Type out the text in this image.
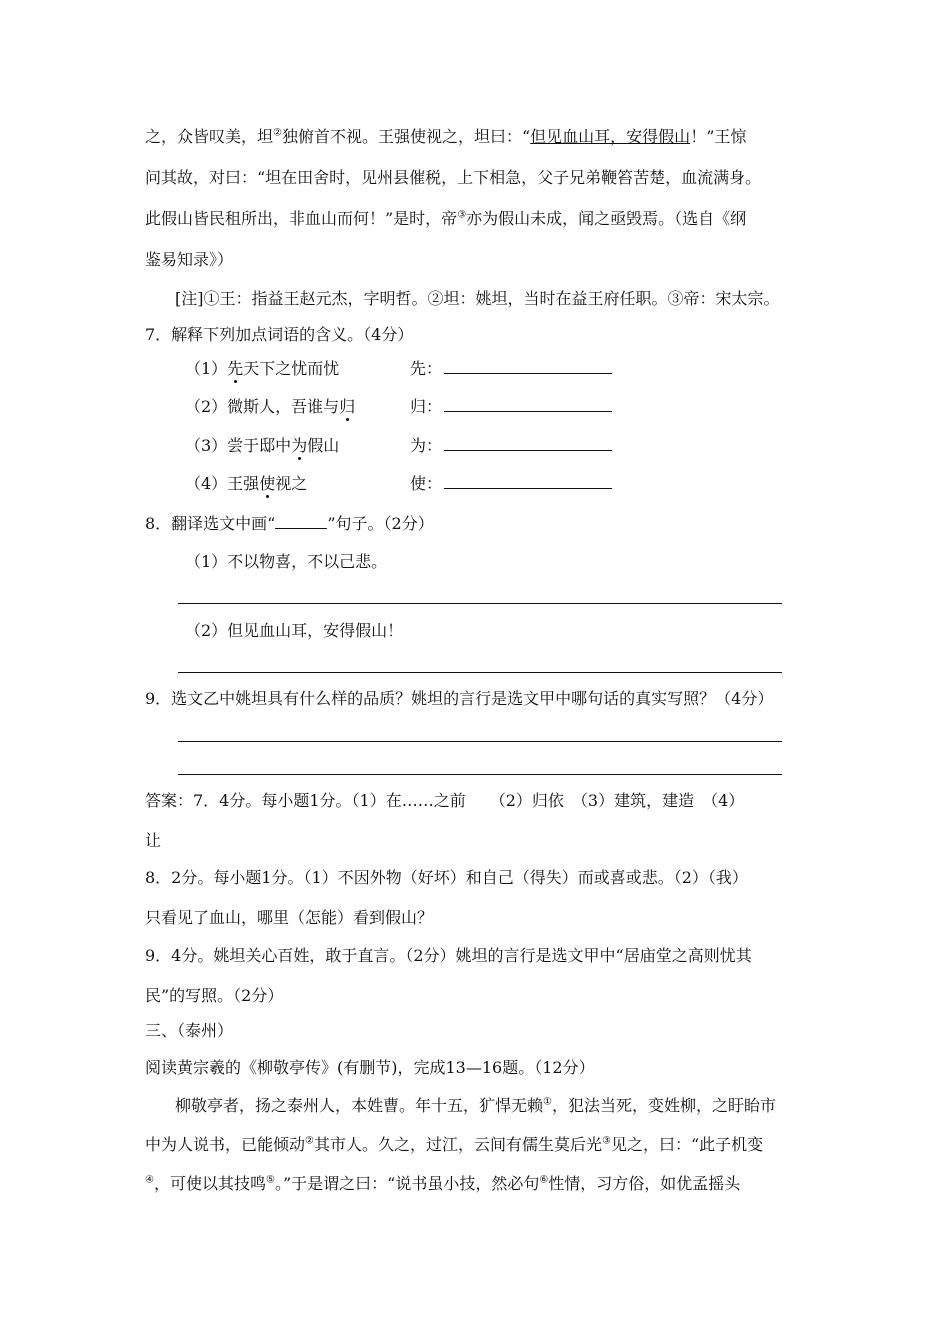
之，众皆叹美，坦②独俯首不视。王强使视之，坦曰：“但见血山耳，安得假山！”王惊
问其故，对曰：“坦在田舍时，见州县催税，上下相急，父子兄弟鞭笞苦楚，血流满身。
此假山皆民租所出，非血山而何！”是时，帝③亦为假山未成，闻之亟毁焉。（选自《纲
鉴易知录》）
[注]①王：指益王赵元杰，字明哲。②坦：姚坦，当时在益王府任职。③帝：宋太宗。
7．解释下列加点词语的含义。（4分）
（1）先天下之忧而忧	先：
（2）微斯人，吾谁与归	归：
（3）尝于邸中为假山	为：
（4）王强使视之	使：
8．翻译选文中画“	”句子。（2分）
（1）不以物喜，不以己悲。
（2）但见血山耳，安得假山！
9．选文乙中姚坦具有什么样的品质？姚坦的言行是选文甲中哪句话的真实写照？（4分）
答案：7．4分。每小题1分。（1）在……之前　　（2）归依　（3）建筑，建造　（4）
让
8．2分。每小题1分。（1）不因外物（好坏）和自己（得失）而或喜或悲。（2）（我）
只看见了血山，哪里（怎能）看到假山？
9．4分。姚坦关心百姓，敢于直言。（2分）姚坦的言行是选文甲中“居庙堂之高则忧其
民”的写照。（2分）
三、（泰州）
阅读黄宗羲的《柳敬亭传》(有删节)，完成13—16题。（12分）
柳敬亭者，扬之泰州人，本姓曹。年十五，犷悍无赖①，犯法当死，变姓柳，之盱眙市
中为人说书，已能倾动②其市人。久之，过江，云间有儒生莫后光③见之，曰：“此子机变
④，可使以其技鸣⑤。”于是谓之曰：“说书虽小技，然必句⑥性情，习方俗，如优孟摇头
